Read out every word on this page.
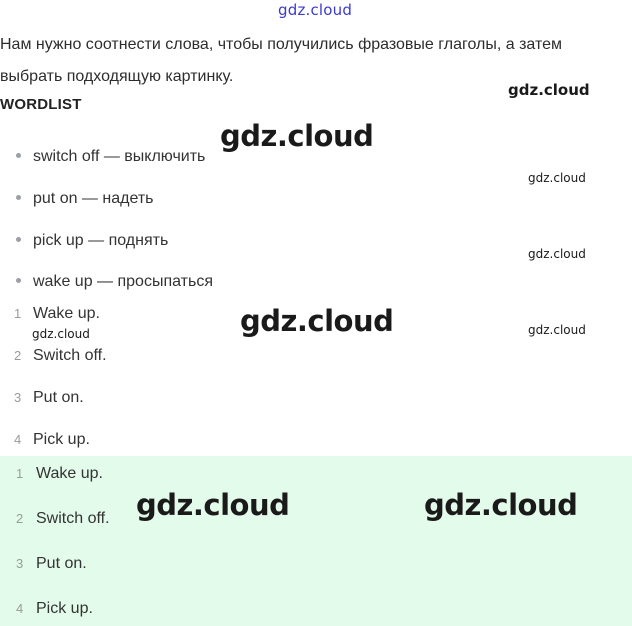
gdz.cloud
Нам нужно соотнести слова, чтобы получились фразовые глаголы, а затем выбрать подходящую картинку.
WORDLIST
switch off — выключить
put on — надеть
pick up — поднять
wake up — просыпаться
1 Wake up.
2 Switch off.
3 Put on.
4 Pick up.
1 Wake up.
2 Switch off.
3 Put on.
4 Pick up.
gdz.cloud
gdz.cloud
gdz.cloud
gdz.cloud
gdz.cloud	gdz.cloud
gdz.cloud
gdz.cloud	gdz.cloud
